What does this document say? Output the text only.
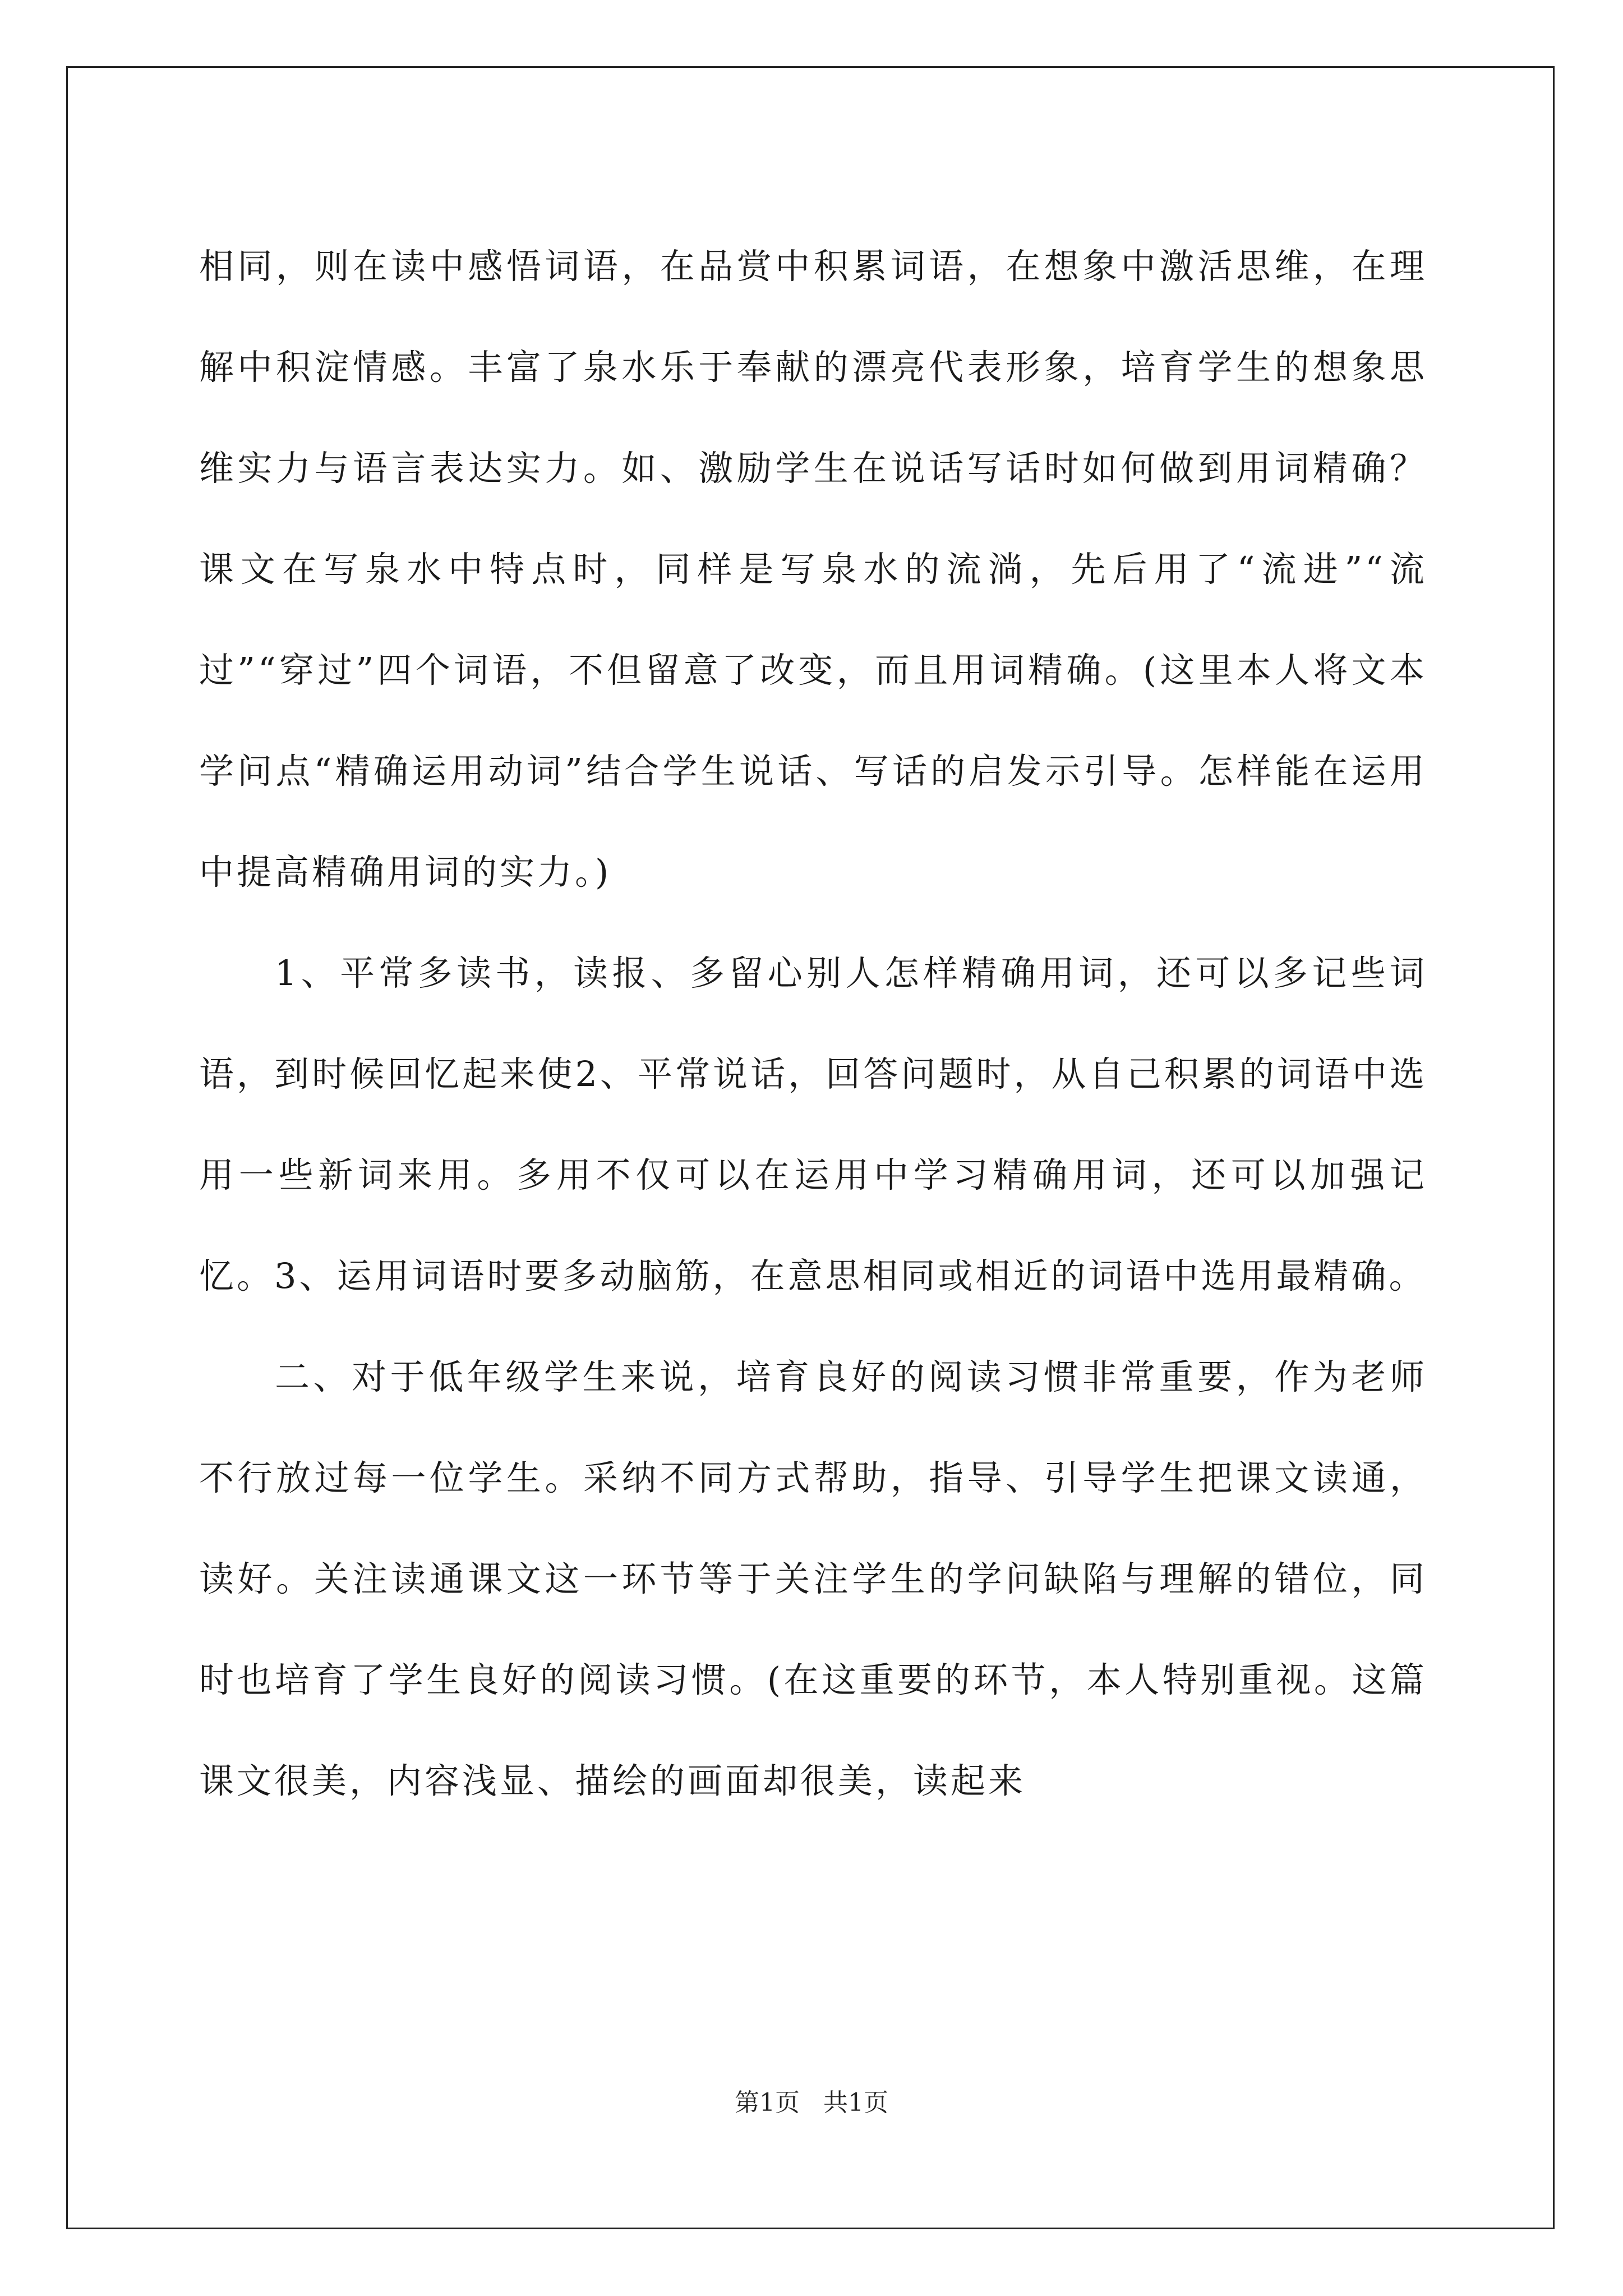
相同，则在读中感悟词语，在品赏中积累词语，在想象中激活思维，在理解中积淀情感。丰富了泉水乐于奉献的漂亮代表形象，培育学生的想象思维实力与语言表达实力。如、激励学生在说话写话时如何做到用词精确？课文在写泉水中特点时，同样是写泉水的流淌，先后用了“流进”“流过”“穿过”四个词语，不但留意了改变，而且用词精确。(这里本人将文本学问点“精确运用动词”结合学生说话、写话的启发示引导。怎样能在运用中提高精确用词的实力。)

1、平常多读书，读报、多留心别人怎样精确用词，还可以多记些词语，到时候回忆起来使2、平常说话，回答问题时，从自己积累的词语中选用一些新词来用。多用不仅可以在运用中学习精确用词，还可以加强记忆。3、运用词语时要多动脑筋，在意思相同或相近的词语中选用最精确。

二、对于低年级学生来说，培育良好的阅读习惯非常重要，作为老师不行放过每一位学生。采纳不同方式帮助，指导、引导学生把课文读通，读好。关注读通课文这一环节等于关注学生的学问缺陷与理解的错位，同时也培育了学生良好的阅读习惯。(在这重要的环节，本人特别重视。这篇课文很美，内容浅显、描绘的画面却很美，读起来

第1页 共1页
